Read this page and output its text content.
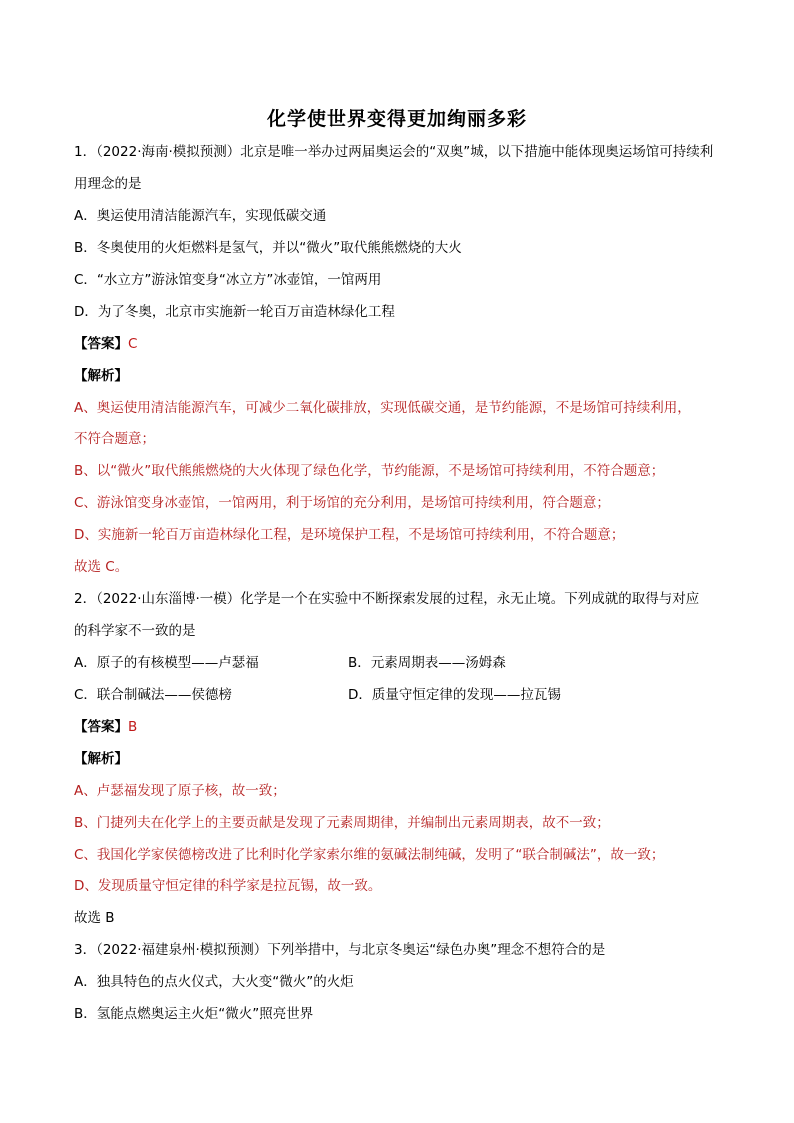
化学使世界变得更加绚丽多彩
1．（2022·海南·模拟预测）北京是唯一举办过两届奥运会的“双奥”城，以下措施中能体现奥运场馆可持续利
用理念的是
A．奥运使用清洁能源汽车，实现低碳交通
B．冬奥使用的火炬燃料是氢气，并以“微火”取代熊熊燃烧的大火
C．“水立方”游泳馆变身“冰立方”冰壶馆，一馆两用
D．为了冬奥，北京市实施新一轮百万亩造林绿化工程
【答案】C
【解析】
A、奥运使用清洁能源汽车，可减少二氧化碳排放，实现低碳交通，是节约能源，不是场馆可持续利用，
不符合题意；
B、以“微火”取代熊熊燃烧的大火体现了绿色化学，节约能源，不是场馆可持续利用，不符合题意；
C、游泳馆变身冰壶馆，一馆两用，利于场馆的充分利用，是场馆可持续利用，符合题意；
D、实施新一轮百万亩造林绿化工程，是环境保护工程，不是场馆可持续利用，不符合题意；
故选 C。
2．（2022·山东淄博·一模）化学是一个在实验中不断探索发展的过程，永无止境。下列成就的取得与对应
的科学家不一致的是
A．原子的有核模型——卢瑟福	B．元素周期表——汤姆森
C．联合制碱法——侯德榜	D．质量守恒定律的发现——拉瓦锡
【答案】B
【解析】
A、卢瑟福发现了原子核，故一致；
B、门捷列夫在化学上的主要贡献是发现了元素周期律，并编制出元素周期表，故不一致；
C、我国化学家侯德榜改进了比利时化学家索尔维的氨碱法制纯碱，发明了“联合制碱法”，故一致；
D、发现质量守恒定律的科学家是拉瓦锡，故一致。
故选 B
3．（2022·福建泉州·模拟预测）下列举措中，与北京冬奥运“绿色办奥”理念不想符合的是
A．独具特色的点火仪式，大火变“微火”的火炬
B．氢能点燃奥运主火炬“微火”照亮世界
